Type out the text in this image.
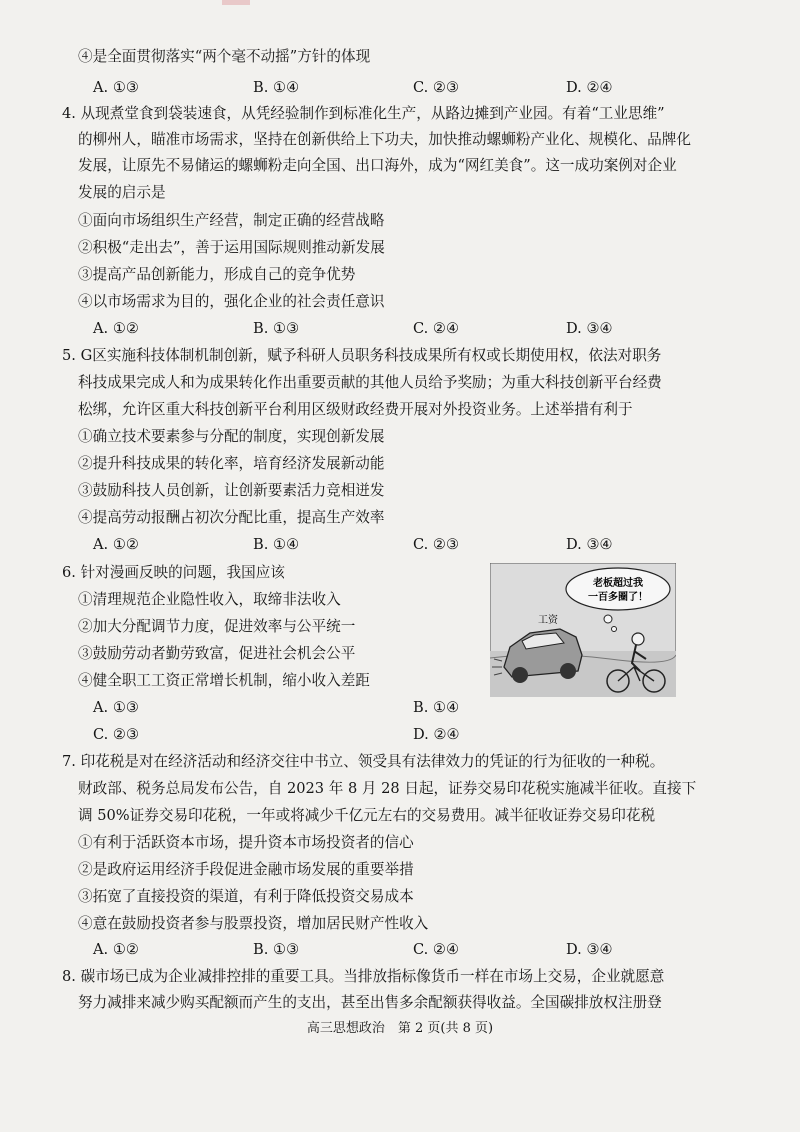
④是全面贯彻落实“两个毫不动摇”方针的体现
A. ①③	B. ①④	C. ②③	D. ②④
4. 从现煮堂食到袋装速食，从凭经验制作到标准化生产，从路边摊到产业园。有着“工业思维”
的柳州人，瞄准市场需求，坚持在创新供给上下功夫，加快推动螺蛳粉产业化、规模化、品牌化
发展，让原先不易储运的螺蛳粉走向全国、出口海外，成为“网红美食”。这一成功案例对企业
发展的启示是
①面向市场组织生产经营，制定正确的经营战略
②积极“走出去”，善于运用国际规则推动新发展
③提高产品创新能力，形成自己的竞争优势
④以市场需求为目的，强化企业的社会责任意识
A. ①②	B. ①③	C. ②④	D. ③④
5. G区实施科技体制机制创新，赋予科研人员职务科技成果所有权或长期使用权，依法对职务
科技成果完成人和为成果转化作出重要贡献的其他人员给予奖励；为重大科技创新平台经费
松绑，允许区重大科技创新平台利用区级财政经费开展对外投资业务。上述举措有利于
①确立技术要素参与分配的制度，实现创新发展
②提升科技成果的转化率，培育经济发展新动能
③鼓励科技人员创新，让创新要素活力竞相迸发
④提高劳动报酬占初次分配比重，提高生产效率
A. ①②	B. ①④	C. ②③	D. ③④
6. 针对漫画反映的问题，我国应该
①清理规范企业隐性收入，取缔非法收入
②加大分配调节力度，促进效率与公平统一
③鼓励劳动者勤劳致富，促进社会机会公平
④健全职工工资正常增长机制，缩小收入差距
A. ①③	B. ①④
C. ②③	D. ②④
老板超过我
一百多圈了！
工资
7. 印花税是对在经济活动和经济交往中书立、领受具有法律效力的凭证的行为征收的一种税。
财政部、税务总局发布公告，自 2023 年 8 月 28 日起，证券交易印花税实施减半征收。直接下
调 50%证券交易印花税，一年或将减少千亿元左右的交易费用。减半征收证券交易印花税
①有利于活跃资本市场，提升资本市场投资者的信心
②是政府运用经济手段促进金融市场发展的重要举措
③拓宽了直接投资的渠道，有利于降低投资交易成本
④意在鼓励投资者参与股票投资，增加居民财产性收入
A. ①②	B. ①③	C. ②④	D. ③④
8. 碳市场已成为企业减排控排的重要工具。当排放指标像货币一样在市场上交易，企业就愿意
努力减排来减少购买配额而产生的支出，甚至出售多余配额获得收益。全国碳排放权注册登
高三思想政治　第 2 页(共 8 页)
